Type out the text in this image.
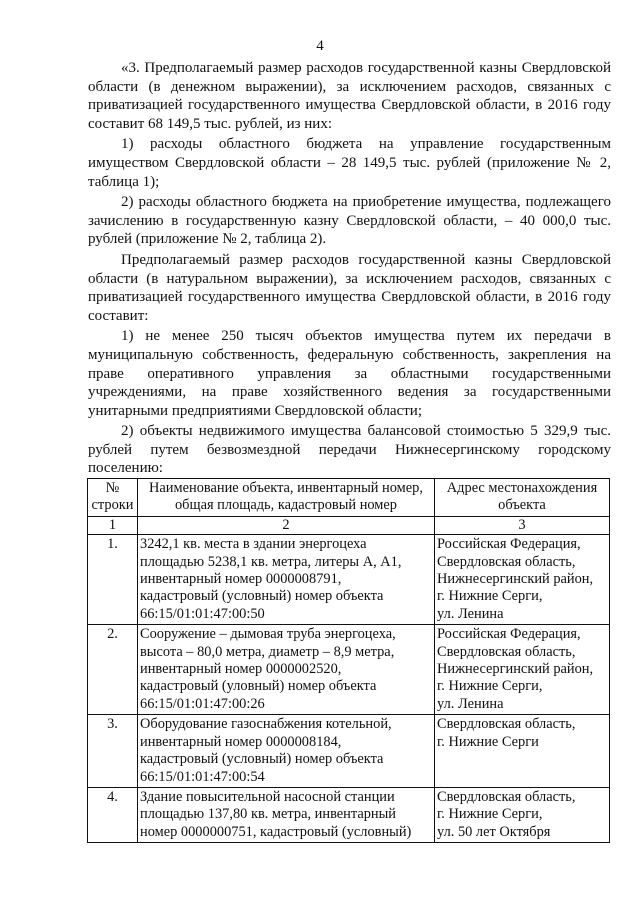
4

«3. Предполагаемый размер расходов государственной казны Свердловской области (в денежном выражении), за исключением расходов, связанных с приватизацией государственного имущества Свердловской области, в 2016 году составит 68 149,5 тыс. рублей, из них:

1) расходы областного бюджета на управление государственным имуществом Свердловской области – 28 149,5 тыс. рублей (приложение № 2, таблица 1);

2) расходы областного бюджета на приобретение имущества, подлежащего зачислению в государственную казну Свердловской области, – 40 000,0 тыс. рублей (приложение № 2, таблица 2).

Предполагаемый размер расходов государственной казны Свердловской области (в натуральном выражении), за исключением расходов, связанных с приватизацией государственного имущества Свердловской области, в 2016 году составит:

1) не менее 250 тысяч объектов имущества путем их передачи в муниципальную собственность, федеральную собственность, закрепления на праве оперативного управления за областными государственными учреждениями, на праве хозяйственного ведения за государственными унитарными предприятиями Свердловской области;

2) объекты недвижимого имущества балансовой стоимостью 5 329,9 тыс. рублей путем безвозмездной передачи Нижнесергинскому городскому поселению:

№
строки	Наименование объекта, инвентарный номер, общая площадь, кадастровый номер	Адрес местонахождения объекта
1	2	3
1.	3242,1 кв. места в здании энергоцеха
площадью 5238,1 кв. метра, литеры А, А1,
инвентарный номер 0000008791,
кадастровый (условный) номер объекта
66:15/01:01:47:00:50	Российская Федерация,
Свердловская область,
Нижнесергинский район,
г. Нижние Серги,
ул. Ленина
2.	Сооружение – дымовая труба энергоцеха,
высота – 80,0 метра, диаметр – 8,9 метра,
инвентарный номер 0000002520,
кадастровый (уловный) номер объекта
66:15/01:01:47:00:26	Российская Федерация,
Свердловская область,
Нижнесергинский район,
г. Нижние Серги,
ул. Ленина
3.	Оборудование газоснабжения котельной,
инвентарный номер 0000008184,
кадастровый (условный) номер объекта
66:15/01:01:47:00:54	Свердловская область,
г. Нижние Серги
4.	Здание повысительной насосной станции
площадью 137,80 кв. метра, инвентарный
номер 0000000751, кадастровый (условный)	Свердловская область,
г. Нижние Серги,
ул. 50 лет Октября
